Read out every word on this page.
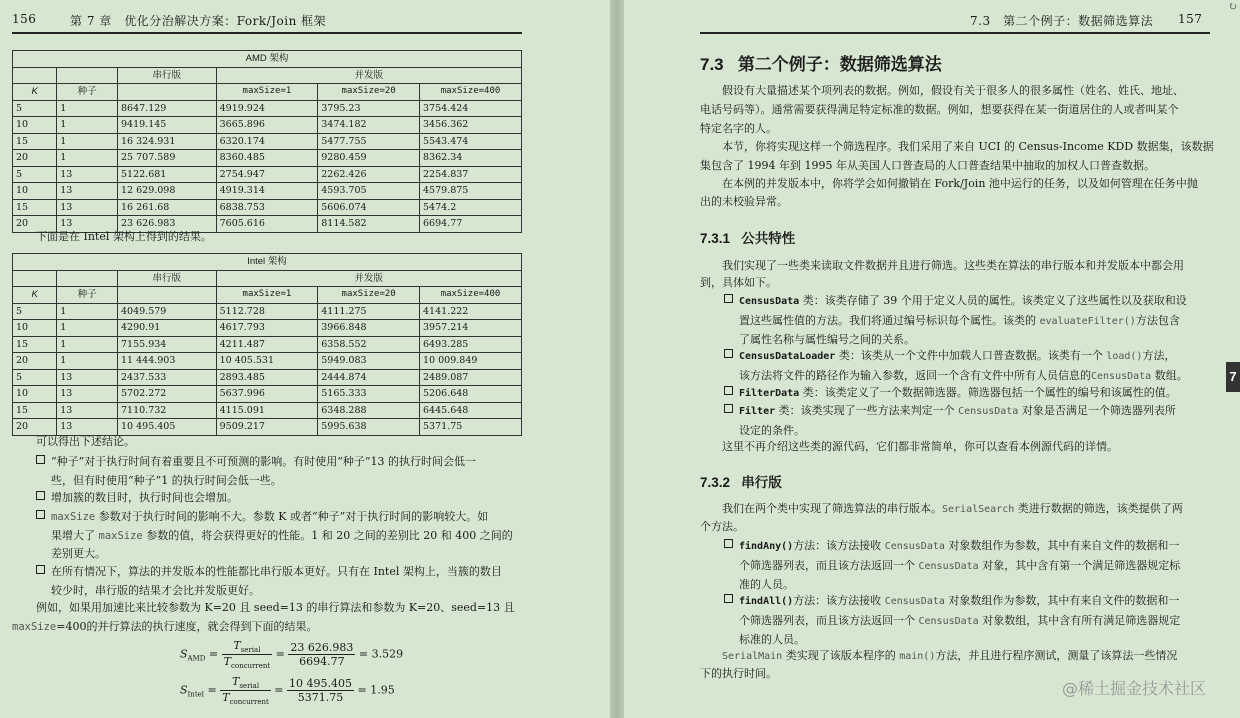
156	第 7 章　优化分治解决方案：Fork/Join 框架
AMD 架构					
		串行版	并发版		
K	种子		maxSize=1	maxSize=20	maxSize=400
5	1	8647.129	4919.924	3795.23	3754.424
10	1	9419.145	3665.896	3474.182	3456.362
15	1	16 324.931	6320.174	5477.755	5543.474
20	1	25 707.589	8360.485	9280.459	8362.34
5	13	5122.681	2754.947	2262.426	2254.837
10	13	12 629.098	4919.314	4593.705	4579.875
15	13	16 261.68	6838.753	5606.074	5474.2
20	13	23 626.983	7605.616	8114.582	6694.77
下面是在 Intel 架构上得到的结果。
Intel 架构					
		串行版	并发版		
K	种子		maxSize=1	maxSize=20	maxSize=400
5	1	4049.579	5112.728	4111.275	4141.222
10	1	4290.91	4617.793	3966.848	3957.214
15	1	7155.934	4211.487	6358.552	6493.285
20	1	11 444.903	10 405.531	5949.083	10 009.849
5	13	2437.533	2893.485	2444.874	2489.087
10	13	5702.272	5637.996	5165.333	5206.648
15	13	7110.732	4115.091	6348.288	6445.648
20	13	10 495.405	9509.217	5995.638	5371.75
可以得出下述结论。
“种子”对于执行时间有着重要且不可预测的影响。有时使用“种子”13 的执行时间会低一
些，但有时使用“种子”1 的执行时间会低一些。
增加簇的数目时，执行时间也会增加。
maxSize 参数对于执行时间的影响不大。参数 K 或者“种子”对于执行时间的影响较大。如
果增大了 maxSize 参数的值，将会获得更好的性能。1 和 20 之间的差别比 20 和 400 之间的
差别更大。
在所有情况下，算法的并发版本的性能都比串行版本更好。只有在 Intel 架构上，当簇的数目
较少时，串行版的结果才会比并发版更好。
例如，如果用加速比来比较参数为 K=20 且 seed=13 的串行算法和参数为 K=20、seed=13 且
maxSize=400的并行算法的执行速度，就会得到下面的结果。
$S_{AMD} = \frac{T_{serial}}{T_{concurrent}} = \frac{23 626.983}{6694.77} = 3.529$
$S_{Intel} = \frac{T_{serial}}{T_{concurrent}} = \frac{10 495.405}{5371.75} = 1.95$
7.3　第二个例子：数据筛选算法 157
7.3 第二个例子：数据筛选算法
假设有大量描述某个项列表的数据。例如，假设有关于很多人的很多属性（姓名、姓氏、地址、
电话号码等）。通常需要获得满足特定标准的数据。例如，想要获得在某一街道居住的人或者叫某个
特定名字的人。
本节，你将实现这样一个筛选程序。我们采用了来自 UCI 的 Census-Income KDD 数据集，该数据
集包含了 1994 年到 1995 年从美国人口普查局的人口普查结果中抽取的加权人口普查数据。
在本例的并发版本中，你将学会如何撤销在 Fork/Join 池中运行的任务，以及如何管理在任务中抛
出的未校验异常。
7.3.1 公共特性
我们实现了一些类来读取文件数据并且进行筛选。这些类在算法的串行版本和并发版本中都会用
到，具体如下。
CensusData 类：该类存储了 39 个用于定义人员的属性。该类定义了这些属性以及获取和设
置这些属性值的方法。我们将通过编号标识每个属性。该类的 evaluateFilter()方法包含
了属性名称与属性编号之间的关系。
CensusDataLoader 类：该类从一个文件中加载人口普查数据。该类有一个 load()方法，
该方法将文件的路径作为输入参数，返回一个含有文件中所有人员信息的CensusData 数组。
FilterData 类：该类定义了一个数据筛选器。筛选器包括一个属性的编号和该属性的值。
Filter 类：该类实现了一些方法来判定一个 CensusData 对象是否满足一个筛选器列表所
设定的条件。
这里不再介绍这些类的源代码，它们都非常简单，你可以查看本例源代码的详情。
7.3.2 串行版
我们在两个类中实现了筛选算法的串行版本。SerialSearch 类进行数据的筛选，该类提供了两
个方法。
findAny()方法：该方法接收 CensusData 对象数组作为参数，其中有来自文件的数据和一
个筛选器列表，而且该方法返回一个 CensusData 对象，其中含有第一个满足筛选器规定标
准的人员。
findAll()方法：该方法接收 CensusData 对象数组作为参数，其中有来自文件的数据和一
个筛选器列表，而且该方法返回一个 CensusData 对象数组，其中含有所有满足筛选器规定
标准的人员。
SerialMain 类实现了该版本程序的 main()方法，并且进行程序测试，测量了该算法一些情况
下的执行时间。
↻
7
@稀土掘金技术社区
